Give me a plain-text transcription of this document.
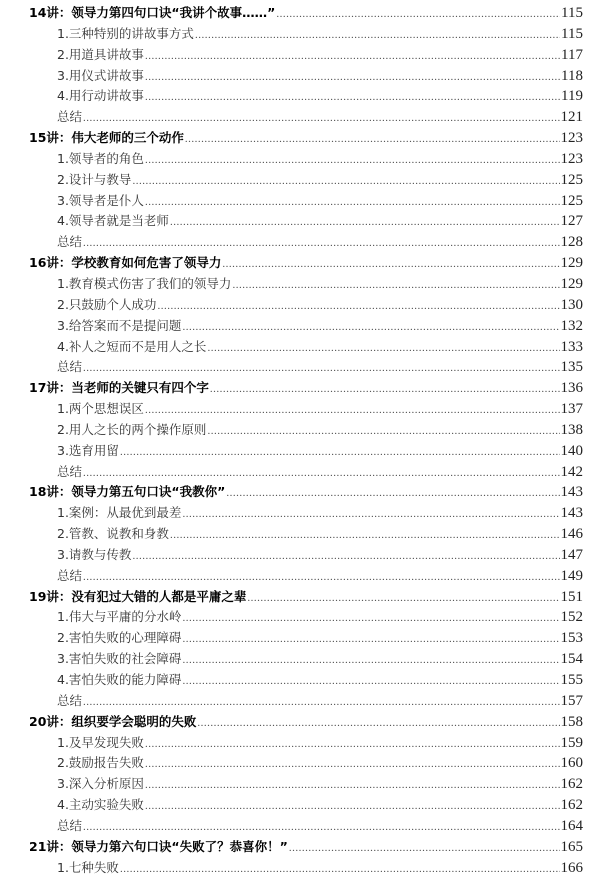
14讲：领导力第四句口诀“我讲个故事……” .....	115
1.三种特别的讲故事方式 .....	115
2.用道具讲故事 .....	117
3.用仪式讲故事 .....	118
4.用行动讲故事 .....	119
总结 .....	121
15讲：伟大老师的三个动作 .....	123
1.领导者的角色 .....	123
2.设计与教导 .....	125
3.领导者是仆人 .....	125
4.领导者就是当老师 .....	127
总结 .....	128
16讲：学校教育如何危害了领导力 .....	129
1.教育模式伤害了我们的领导力 .....	129
2.只鼓励个人成功 .....	130
3.给答案而不是提问题 .....	132
4.补人之短而不是用人之长 .....	133
总结 .....	135
17讲：当老师的关键只有四个字 .....	136
1.两个思想误区 .....	137
2.用人之长的两个操作原则 .....	138
3.选育用留 .....	140
总结 .....	142
18讲：领导力第五句口诀“我教你” .....	143
1.案例：从最优到最差 .....	143
2.管教、说教和身教 .....	146
3.请教与传教 .....	147
总结 .....	149
19讲：没有犯过大错的人都是平庸之辈 .....	151
1.伟大与平庸的分水岭 .....	152
2.害怕失败的心理障碍 .....	153
3.害怕失败的社会障碍 .....	154
4.害怕失败的能力障碍 .....	155
总结 .....	157
20讲：组织要学会聪明的失败 .....	158
1.及早发现失败 .....	159
2.鼓励报告失败 .....	160
3.深入分析原因 .....	162
4.主动实验失败 .....	162
总结 .....	164
21讲：领导力第六句口诀“失败了？恭喜你！” .....	165
1.七种失败 .....	166
